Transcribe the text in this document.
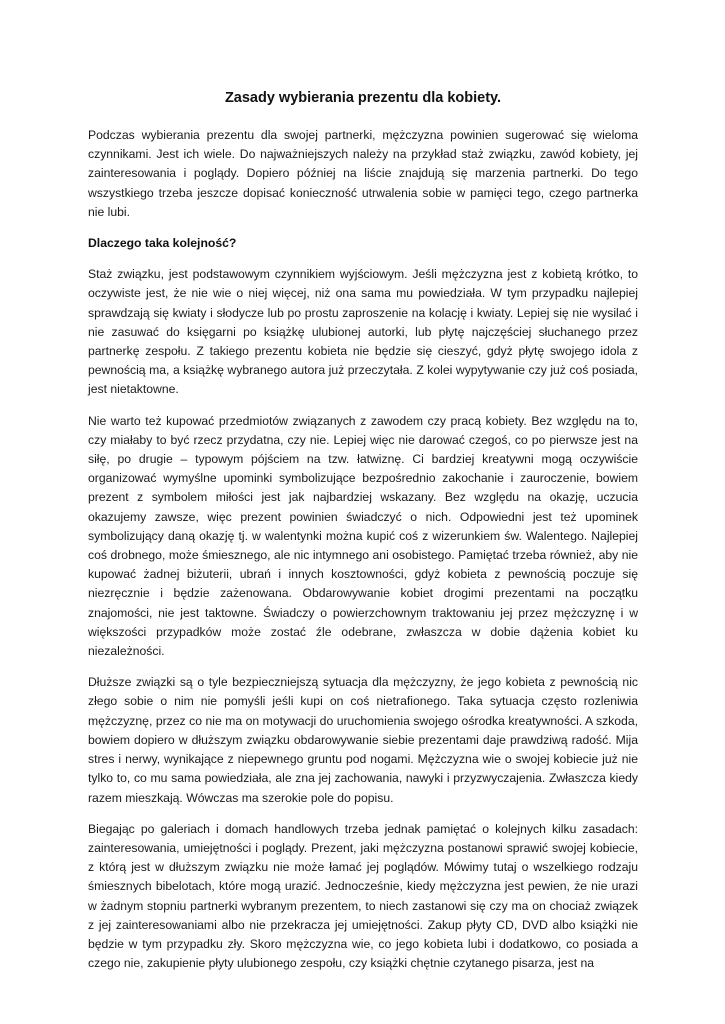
Zasady wybierania prezentu dla kobiety.

Podczas wybierania prezentu dla swojej partnerki, mężczyzna powinien sugerować się wieloma czynnikami. Jest ich wiele. Do najważniejszych należy na przykład staż związku, zawód kobiety, jej zainteresowania i poglądy. Dopiero później na liście znajdują się marzenia partnerki. Do tego wszystkiego trzeba jeszcze dopisać konieczność utrwalenia sobie w pamięci tego, czego partnerka nie lubi.

Dlaczego taka kolejność?

Staż związku, jest podstawowym czynnikiem wyjściowym. Jeśli mężczyzna jest z kobietą krótko, to oczywiste jest, że nie wie o niej więcej, niż ona sama mu powiedziała. W tym przypadku najlepiej sprawdzają się kwiaty i słodycze lub po prostu zaproszenie na kolację i kwiaty. Lepiej się nie wysilać i nie zasuwać do księgarni po książkę ulubionej autorki, lub płytę najczęściej słuchanego przez partnerkę zespołu. Z takiego prezentu kobieta nie będzie się cieszyć, gdyż płytę swojego idola z pewnością ma, a książkę wybranego autora już przeczytała. Z kolei wypytywanie czy już coś posiada, jest nietaktowne.

Nie warto też kupować przedmiotów związanych z zawodem czy pracą kobiety. Bez względu na to, czy miałaby to być rzecz przydatna, czy nie. Lepiej więc nie darować czegoś, co po pierwsze jest na siłę, po drugie – typowym pójściem na tzw. łatwiznę. Ci bardziej kreatywni mogą oczywiście organizować wymyślne upominki symbolizujące bezpośrednio zakochanie i zauroczenie, bowiem prezent z symbolem miłości jest jak najbardziej wskazany. Bez względu na okazję, uczucia okazujemy zawsze, więc prezent powinien świadczyć o nich. Odpowiedni jest też upominek symbolizujący daną okazję tj. w walentynki można kupić coś z wizerunkiem św. Walentego. Najlepiej coś drobnego, może śmiesznego, ale nic intymnego ani osobistego. Pamiętać trzeba również, aby nie kupować żadnej biżuterii, ubrań i innych kosztowności, gdyż kobieta z pewnością poczuje się niezręcznie i będzie zażenowana. Obdarowywanie kobiet drogimi prezentami na początku znajomości, nie jest taktowne. Świadczy o powierzchownym traktowaniu jej przez mężczyznę i w większości przypadków może zostać źle odebrane, zwłaszcza w dobie dążenia kobiet ku niezależności.

Dłuższe związki są o tyle bezpieczniejszą sytuacja dla mężczyzny, że jego kobieta z pewnością nic złego sobie o nim nie pomyśli jeśli kupi on coś nietrafionego. Taka sytuacja często rozleniwia mężczyznę, przez co nie ma on motywacji do uruchomienia swojego ośrodka kreatywności. A szkoda, bowiem dopiero w dłuższym związku obdarowywanie siebie prezentami daje prawdziwą radość. Mija stres i nerwy, wynikające z niepewnego gruntu pod nogami. Mężczyzna wie o swojej kobiecie już nie tylko to, co mu sama powiedziała, ale zna jej zachowania, nawyki i przyzwyczajenia. Zwłaszcza kiedy razem mieszkają. Wówczas ma szerokie pole do popisu.

Biegając po galeriach i domach handlowych trzeba jednak pamiętać o kolejnych kilku zasadach: zainteresowania, umiejętności i poglądy. Prezent, jaki mężczyzna postanowi sprawić swojej kobiecie, z którą jest w dłuższym związku nie może łamać jej poglądów. Mówimy tutaj o wszelkiego rodzaju śmiesznych bibelotach, które mogą urazić. Jednocześnie, kiedy mężczyzna jest pewien, że nie urazi w żadnym stopniu partnerki wybranym prezentem, to niech zastanowi się czy ma on chociaż związek z jej zainteresowaniami albo nie przekracza jej umiejętności. Zakup płyty CD, DVD albo książki nie będzie w tym przypadku zły. Skoro mężczyzna wie, co jego kobieta lubi i dodatkowo, co posiada a czego nie, zakupienie płyty ulubionego zespołu, czy książki chętnie czytanego pisarza, jest na
